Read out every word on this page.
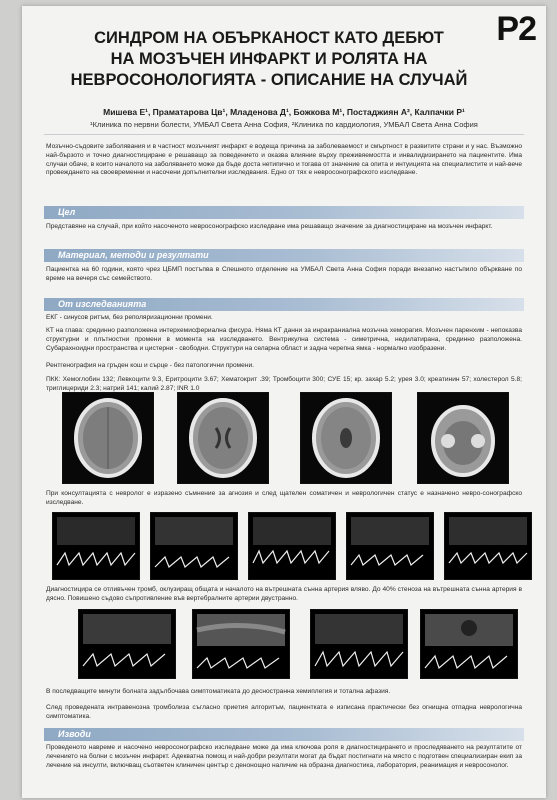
P2
СИНДРОМ НА ОБЪРКАНОСТ КАТО ДЕБЮТ
НА МОЗЪЧЕН ИНФАРКТ И РОЛЯТА НА
НЕВРОСОНОЛОГИЯТА - ОПИСАНИЕ НА СЛУЧАЙ
Мишева Е¹, Праматарова Цв¹, Младенова Д¹, Божкова М¹, Постаджиян А², Калпачки Р¹
¹Клиника по нервни болести, УМБАЛ Света Анна София, ²Клиника по кардиология, УМБАЛ Света Анна София
Мозъчно-съдовите заболявания и в частност мозъчният инфаркт е водеща причина за заболеваемост и смъртност в развитите страни и у нас. Възможно най-бързото и точно диагностициране е решаващо за поведението и оказва влияние върху преживяемостта и инвалидизирането на пациентите. Има случаи обаче, в които началото на заболяването може да бъде доста нетипично и тогава от значение са опита и интуицията на специалистите и най-вече провеждането на своевременни и насочени допълнителни изследвания. Едно от тях е невросонографското изследване.
Цел
Представяне на случай, при който насоченото невросонографско изследване има решаващо значение за диагностициране на мозъчен инфаркт.
Материал, методи и резултати
Пациентка на 60 години, която чрез ЦБМП постъпва в Спешното отделение на УМБАЛ Света Анна София поради внезапно настъпило объркване по време на вечеря със семейството.
От изследванията
ЕКГ - синусов ритъм, без реполяризационни промени.
КТ на глава: срединно разположена интерхемисфериална фисура. Няма КТ данни за инракраниална мозъчна хеморагия. Мозъчен паренхим - непоказва структурни и плътностни промени в момента на изследването. Вентрикулна система - симетрична, недилатирана, срединно разположена. Субарахноидни пространства и цистерни - свободни. Структури на селарна област и задна черепна ямка - нормално изобразени.
Рентгенография на гръден кош и сърце - без патологични промени.
ПКК: Хемоглобин 132; Левкоцити 9.3, Еритроцити 3.67; Хематокрит .39; Тромбоцити 300; СУЕ 15; кр. захар 5.2; урея 3.0; креатинин 57; холестерол 5.8; триглицериди 2.3; натрий 141; калий 2.87; INR 1.0
При консултацията с невролог е изразено съмнение за агнозия и след щателен соматичен и неврологичен статус е назначено невро-сонографско изследване.
Диагностицира се отливъчен тромб, оклузиращ общата и началото на вътрешната сънна артерия вляво. До 40% стеноза на вътрешната сънна артерия в дясно. Повишено съдово съпротивление във вертебралните артерии двустранно.
В последващите минути болната задълбочава симптоматиката до десностранна хемиплегия и тотална афазия.
След проведената интравенозна тромболиза съгласно приетия алгоритъм, пациентката е изписана практически без огнищна отпадна неврологична симптоматика.
Изводи
Проведеното навреме и насочено невросонографско изследване може да има ключова роля в диагностицирането и проследяването на резултатите от лечението на болни с мозъчен инфаркт. Адекватна помощ и най-добри резултати могат да бъдат постигнати на място с подготвен специализиран екип за лечение на инсулти, включващ съответен клиничен център с денонощно наличие на образна диагностика, лаборатория, реанимация и невросонолог.
